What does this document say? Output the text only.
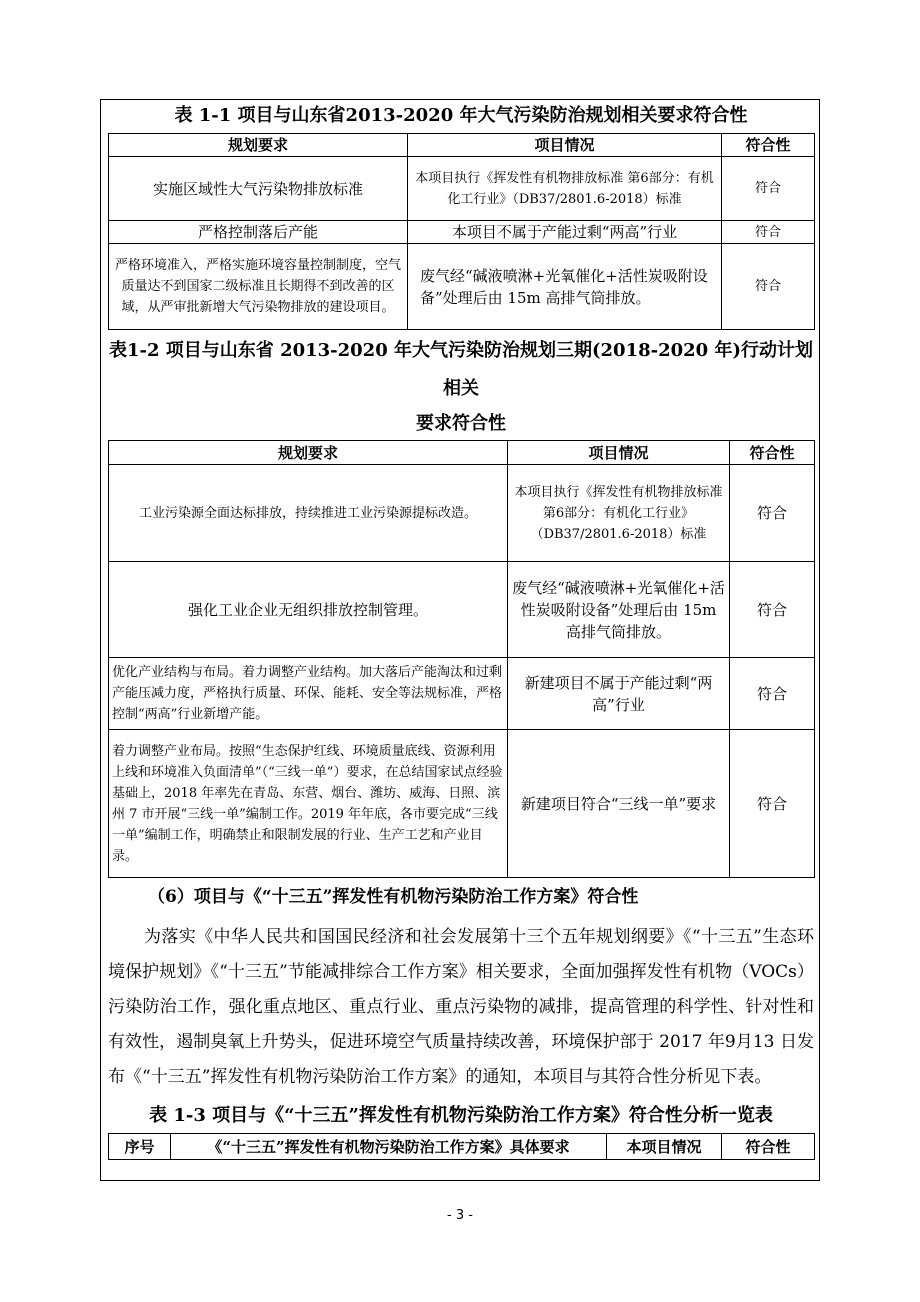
表 1-1 项目与山东省2013-2020 年大气污染防治规划相关要求符合性
规划要求	项目情况	符合性
实施区域性大气污染物排放标准	本项目执行《挥发性有机物排放标准 第6部分：有机化工行业》（DB37/2801.6-2018）标准	符合
严格控制落后产能	本项目不属于产能过剩“两高”行业	符合
严格环境准入，严格实施环境容量控制制度，空气质量达不到国家二级标准且长期得不到改善的区域，从严审批新增大气污染物排放的建设项目。	废气经“碱液喷淋+光氧催化+活性炭吸附设备”处理后由 15m 高排气筒排放。	符合
表1-2 项目与山东省 2013-2020 年大气污染防治规划三期(2018-2020 年)行动计划相关
要求符合性
规划要求	项目情况	符合性
工业污染源全面达标排放，持续推进工业污染源提标改造。	本项目执行《挥发性有机物排放标准 第6部分：有机化工行业》（DB37/2801.6-2018）标准	符合
强化工业企业无组织排放控制管理。	废气经“碱液喷淋+光氧催化+活性炭吸附设备”处理后由 15m 高排气筒排放。	符合
优化产业结构与布局。着力调整产业结构。加大落后产能淘汰和过剩产能压减力度，严格执行质量、环保、能耗、安全等法规标准，严格控制“两高”行业新增产能。	新建项目不属于产能过剩“两高”行业	符合
着力调整产业布局。按照“生态保护红线、环境质量底线、资源利用上线和环境准入负面清单”（“三线一单”）要求，在总结国家试点经验基础上，2018 年率先在青岛、东营、烟台、潍坊、威海、日照、滨州 7 市开展“三线一单”编制工作。2019 年年底，各市要完成“三线一单”编制工作，明确禁止和限制发展的行业、生产工艺和产业目录。	新建项目符合“三线一单”要求	符合
（6）项目与《“十三五”挥发性有机物污染防治工作方案》符合性

为落实《中华人民共和国国民经济和社会发展第十三个五年规划纲要》《“十三五”生态环境保护规划》《“十三五”节能减排综合工作方案》相关要求，全面加强挥发性有机物（VOCs）污染防治工作，强化重点地区、重点行业、重点污染物的减排，提高管理的科学性、针对性和有效性，遏制臭氧上升势头，促进环境空气质量持续改善，环境保护部于 2017 年9月13 日发布《“十三五”挥发性有机物污染防治工作方案》的通知，本项目与其符合性分析见下表。

表 1-3 项目与《“十三五”挥发性有机物污染防治工作方案》符合性分析一览表
序号	《“十三五”挥发性有机物污染防治工作方案》具体要求	本项目情况	符合性
- 3 -
